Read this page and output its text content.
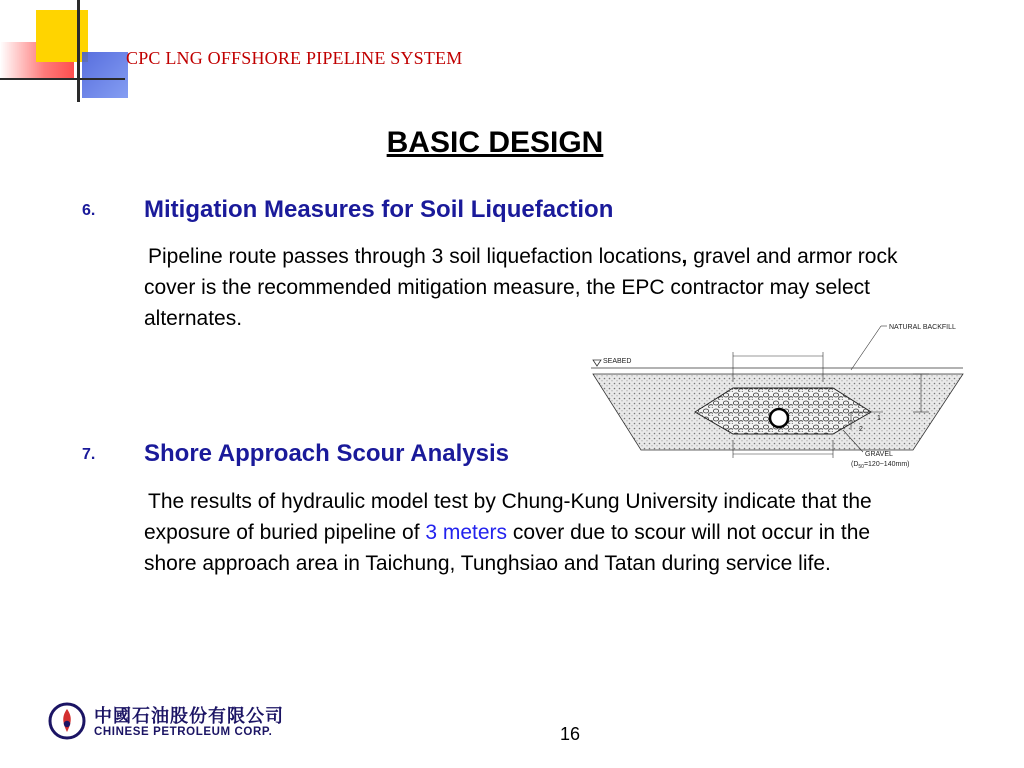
CPC LNG OFFSHORE PIPELINE SYSTEM
BASIC DESIGN
6. Mitigation Measures for Soil Liquefaction
Pipeline route passes through 3 soil liquefaction locations, gravel and armor rock cover is the recommended mitigation measure, the EPC contractor may select alternates.
7. Shore Approach Scour Analysis
The results of hydraulic model test by Chung-Kung University indicate that the exposure of buried pipeline of 3 meters cover due to scour will not occur in the shore approach area in Taichung, Tunghsiao and Tatan during service life.
SEABED
1
2
NATURAL BACKFILL
GRAVEL
$(D_{50}=120\sim 140mm)$
中國石油股份有限公司
CHINESE PETROLEUM CORP.	16
